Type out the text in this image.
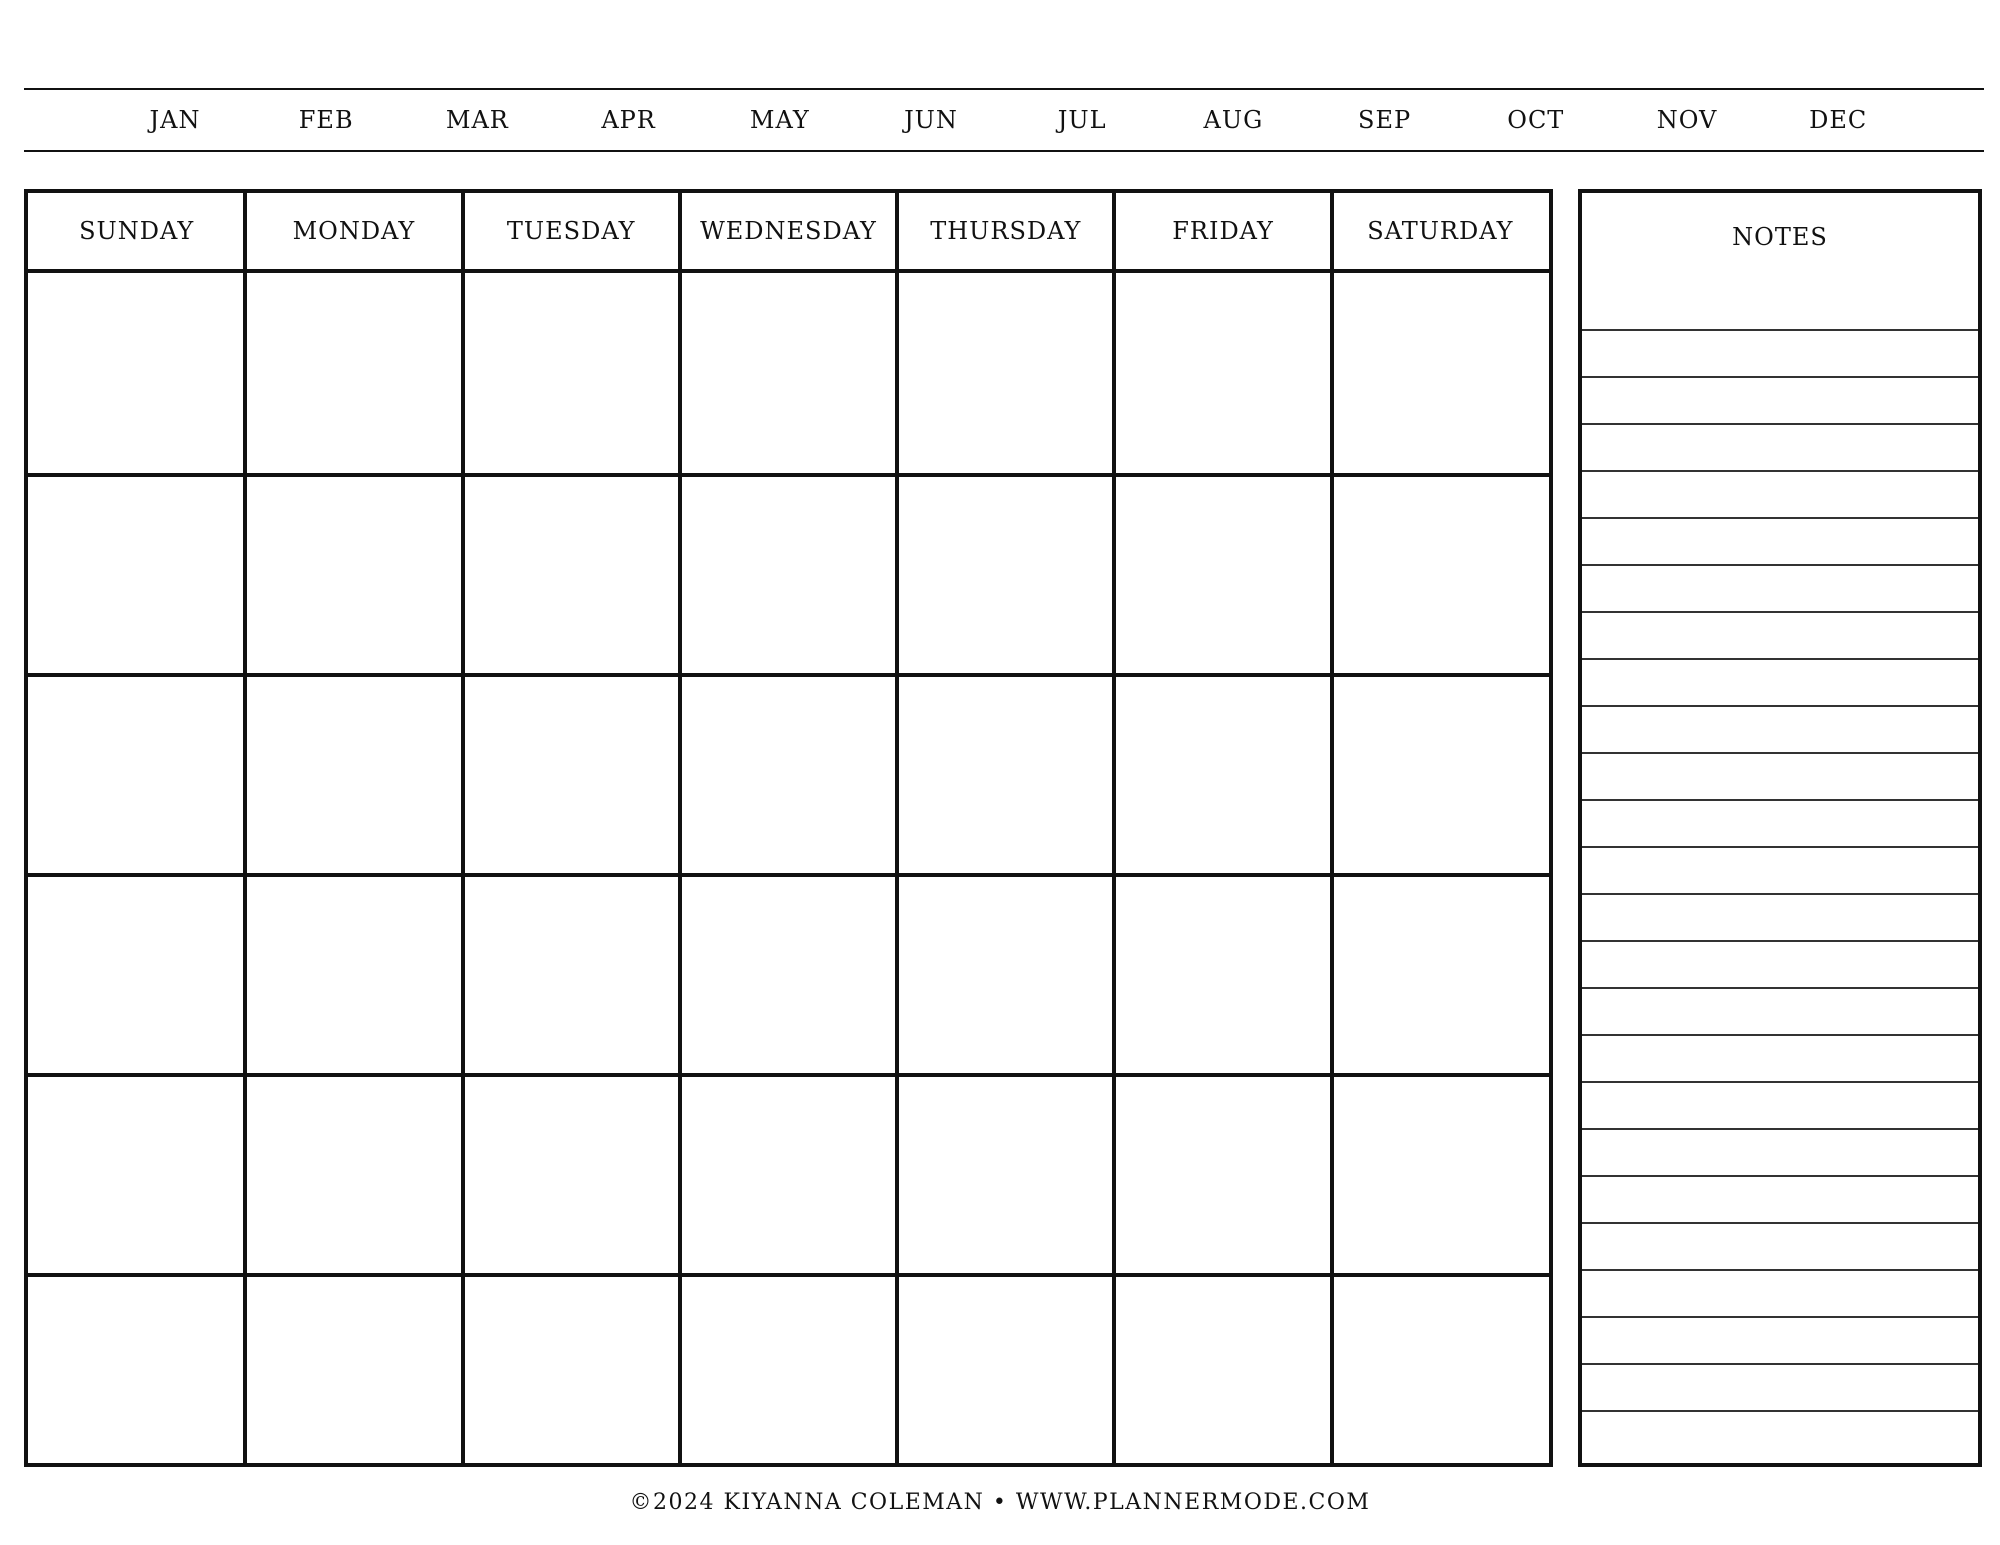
JAN	FEB	MAR	APR	MAY	JUN	JUL	AUG	SEP	OCT	NOV	DEC
SUNDAY	MONDAY	TUESDAY	WEDNESDAY	THURSDAY	FRIDAY	SATURDAY	NOTES
©2024 KIYANNA COLEMAN • WWW.PLANNERMODE.COM
